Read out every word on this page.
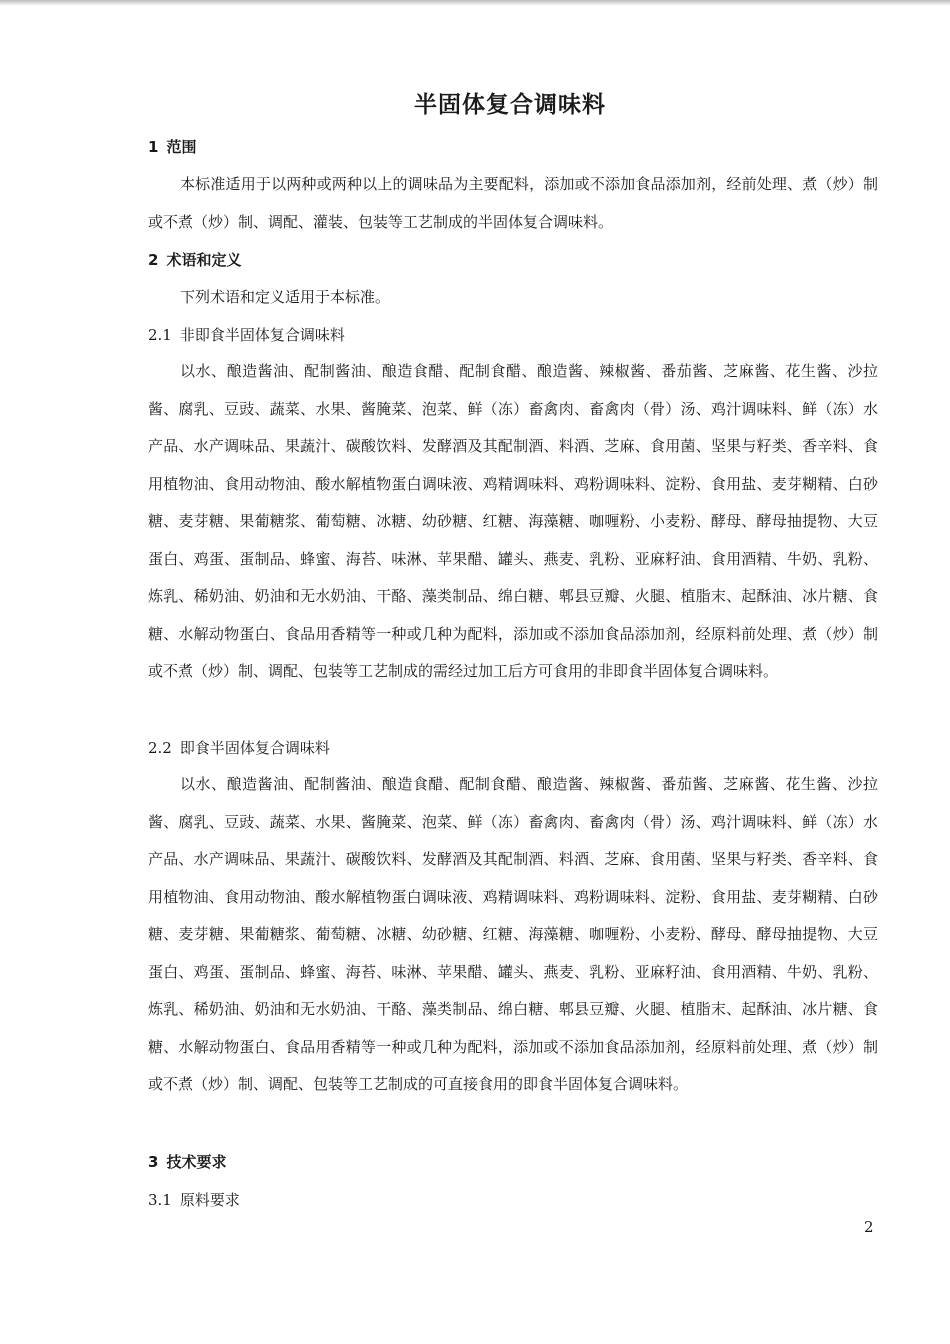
半固体复合调味料
1 范围

本标准适用于以两种或两种以上的调味品为主要配料，添加或不添加食品添加剂，经前处理、煮（炒）制或不煮（炒）制、调配、灌装、包装等工艺制成的半固体复合调味料。

2 术语和定义

下列术语和定义适用于本标准。

2.1 非即食半固体复合调味料

以水、酿造酱油、配制酱油、酿造食醋、配制食醋、酿造酱、辣椒酱、番茄酱、芝麻酱、花生酱、沙拉酱、腐乳、豆豉、蔬菜、水果、酱腌菜、泡菜、鲜（冻）畜禽肉、畜禽肉（骨）汤、鸡汁调味料、鲜（冻）水产品、水产调味品、果蔬汁、碳酸饮料、发酵酒及其配制酒、料酒、芝麻、食用菌、坚果与籽类、香辛料、食用植物油、食用动物油、酸水解植物蛋白调味液、鸡精调味料、鸡粉调味料、淀粉、食用盐、麦芽糊精、白砂糖、麦芽糖、果葡糖浆、葡萄糖、冰糖、幼砂糖、红糖、海藻糖、咖喱粉、小麦粉、酵母、酵母抽提物、大豆蛋白、鸡蛋、蛋制品、蜂蜜、海苔、味淋、苹果醋、罐头、燕麦、乳粉、亚麻籽油、食用酒精、牛奶、乳粉、炼乳、稀奶油、奶油和无水奶油、干酪、藻类制品、绵白糖、郫县豆瓣、火腿、植脂末、起酥油、冰片糖、食糖、水解动物蛋白、食品用香精等一种或几种为配料，添加或不添加食品添加剂，经原料前处理、煮（炒）制或不煮（炒）制、调配、包装等工艺制成的需经过加工后方可食用的非即食半固体复合调味料。

2.2 即食半固体复合调味料

以水、酿造酱油、配制酱油、酿造食醋、配制食醋、酿造酱、辣椒酱、番茄酱、芝麻酱、花生酱、沙拉酱、腐乳、豆豉、蔬菜、水果、酱腌菜、泡菜、鲜（冻）畜禽肉、畜禽肉（骨）汤、鸡汁调味料、鲜（冻）水产品、水产调味品、果蔬汁、碳酸饮料、发酵酒及其配制酒、料酒、芝麻、食用菌、坚果与籽类、香辛料、食用植物油、食用动物油、酸水解植物蛋白调味液、鸡精调味料、鸡粉调味料、淀粉、食用盐、麦芽糊精、白砂糖、麦芽糖、果葡糖浆、葡萄糖、冰糖、幼砂糖、红糖、海藻糖、咖喱粉、小麦粉、酵母、酵母抽提物、大豆蛋白、鸡蛋、蛋制品、蜂蜜、海苔、味淋、苹果醋、罐头、燕麦、乳粉、亚麻籽油、食用酒精、牛奶、乳粉、炼乳、稀奶油、奶油和无水奶油、干酪、藻类制品、绵白糖、郫县豆瓣、火腿、植脂末、起酥油、冰片糖、食糖、水解动物蛋白、食品用香精等一种或几种为配料，添加或不添加食品添加剂，经原料前处理、煮（炒）制或不煮（炒）制、调配、包装等工艺制成的可直接食用的即食半固体复合调味料。

3 技术要求
3.1 原料要求
2
